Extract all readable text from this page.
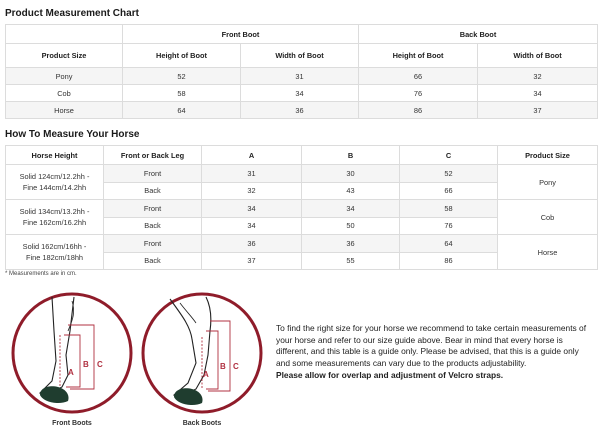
Product Measurement Chart
	Front Boot		Back Boot	
Product Size	Height of Boot	Width of Boot	Height of Boot	Width of Boot
Pony	52	31	66	32
Cob	58	34	76	34
Horse	64	36	86	37
How To Measure Your Horse
Horse Height	Front or Back Leg	A	B	C	Product Size
Solid 124cm/12.2hh -
Fine 144cm/14.2hh	Front	31	30	52	Pony
	Back	32	43	66	
Solid 134cm/13.2hh -
Fine 162cm/16.2hh	Front	34	34	58	Cob
	Back	34	50	76	
Solid 162cm/16hh -
Fine 182cm/18hh	Front	36	36	64	Horse
	Back	37	55	86	

* Measurements are in cm.

A
B C
Front Boots
A
B C
Back Boots

To find the right size for your horse we recommend to take certain measurements of your horse and refer to our size guide above. Bear in mind that every horse is different, and this table is a guide only. Please be advised, that this is a guide only and some measurements can vary due to the products adjustability.
Please allow for overlap and adjustment of Velcro straps.
